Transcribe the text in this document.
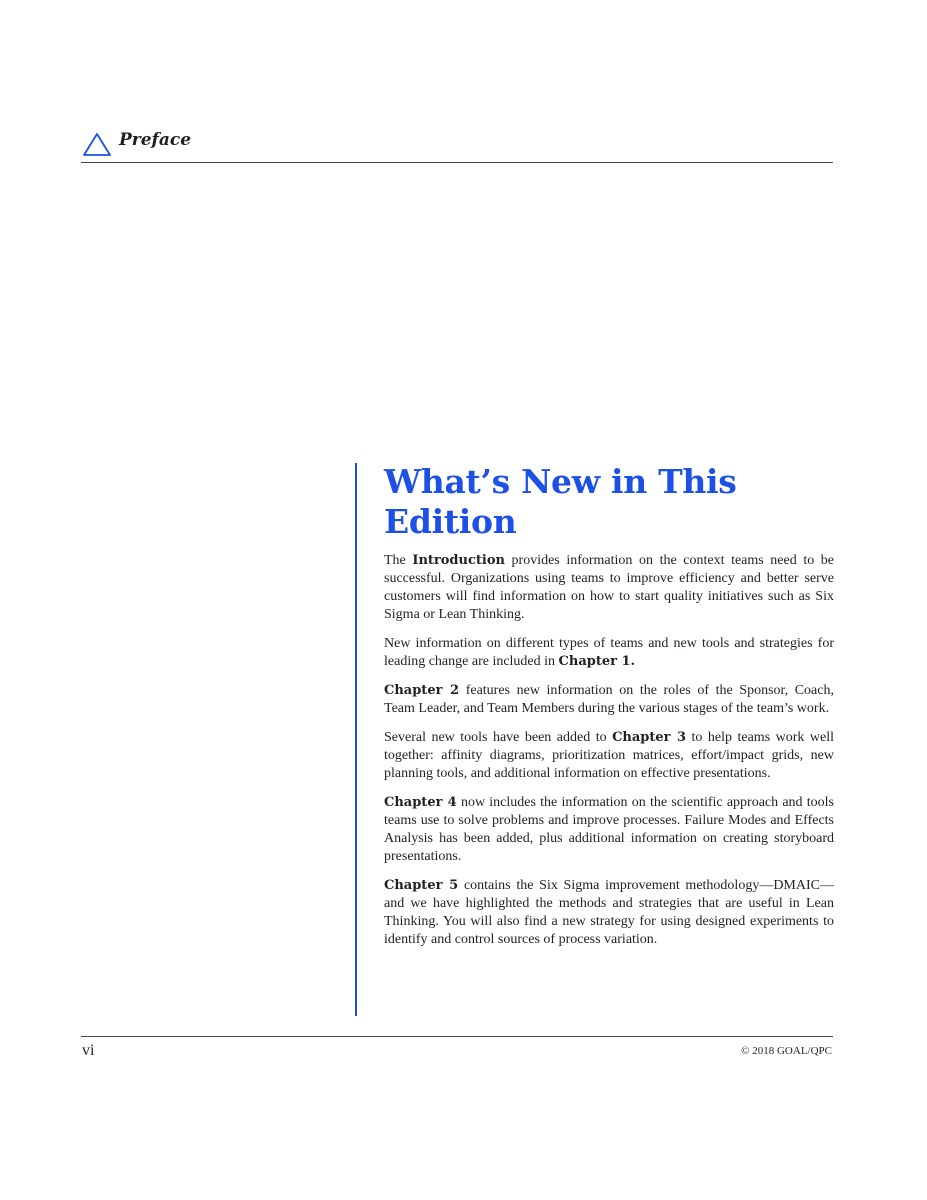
Preface
What’s New in This Edition

The Introduction provides information on the context teams need to be successful. Organizations using teams to improve efficiency and better serve customers will find information on how to start quality initiatives such as Six Sigma or Lean Thinking.

New information on different types of teams and new tools and strategies for leading change are included in Chapter 1.

Chapter 2 features new information on the roles of the Sponsor, Coach, Team Leader, and Team Members during the various stages of the team’s work.

Several new tools have been added to Chapter 3 to help teams work well together: affinity diagrams, prioritization matrices, effort/impact grids, new planning tools, and additional information on effective presentations.

Chapter 4 now includes the information on the scientific approach and tools teams use to solve problems and improve processes. Failure Modes and Effects Analysis has been added, plus additional information on creating storyboard presentations.

Chapter 5 contains the Six Sigma improvement methodology—DMAIC—and we have highlighted the methods and strategies that are useful in Lean Thinking. You will also find a new strategy for using designed experiments to identify and control sources of process variation.

vi	© 2018 GOAL/QPC
